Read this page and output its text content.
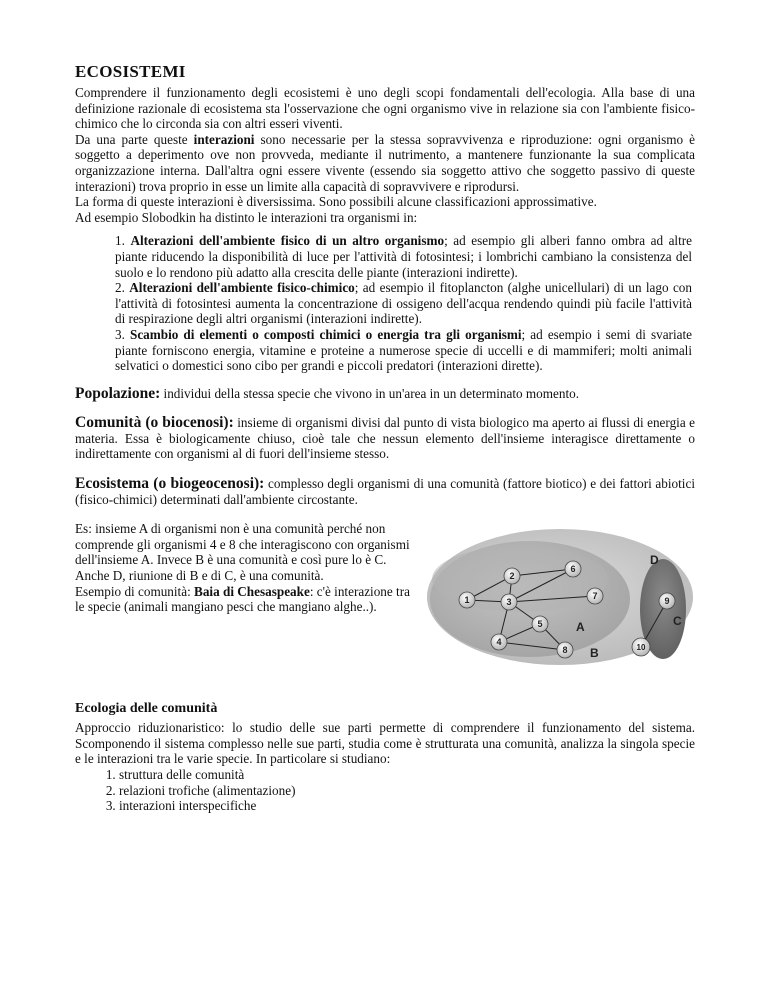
ECOSISTEMI

Comprendere il funzionamento degli ecosistemi è uno degli scopi fondamentali dell'ecologia. Alla base di una definizione razionale di ecosistema sta l'osservazione che ogni organismo vive in relazione sia con l'ambiente fisico-chimico che lo circonda sia con altri esseri viventi.

Da una parte queste interazioni sono necessarie per la stessa sopravvivenza e riproduzione: ogni organismo è soggetto a deperimento ove non provveda, mediante il nutrimento, a mantenere funzionante la sua complicata organizzazione interna. Dall'altra ogni essere vivente (essendo sia soggetto attivo che soggetto passivo di queste interazioni) trova proprio in esse un limite alla capacità di sopravvivere e riprodursi.

La forma di queste interazioni è diversissima. Sono possibili alcune classificazioni approssimative.

Ad esempio Slobodkin ha distinto le interazioni tra organismi in:

1. Alterazioni dell'ambiente fisico di un altro organismo; ad esempio gli alberi fanno ombra ad altre piante riducendo la disponibilità di luce per l'attività di fotosintesi; i lombrichi cambiano la consistenza del suolo e lo rendono più adatto alla crescita delle piante (interazioni indirette).

2. Alterazioni dell'ambiente fisico-chimico; ad esempio il fitoplancton (alghe unicellulari) di un lago con l'attività di fotosintesi aumenta la concentrazione di ossigeno dell'acqua rendendo quindi più facile l'attività di respirazione degli altri organismi (interazioni indirette).

3. Scambio di elementi o composti chimici o energia tra gli organismi; ad esempio i semi di svariate piante forniscono energia, vitamine e proteine a numerose specie di uccelli e di mammiferi; molti animali selvatici o domestici sono cibo per grandi e piccoli predatori (interazioni dirette).

Popolazione: individui della stessa specie che vivono in un'area in un determinato momento.

Comunità (o biocenosi): insieme di organismi divisi dal punto di vista biologico ma aperto ai flussi di energia e materia. Essa è biologicamente chiuso, cioè tale che nessun elemento dell'insieme interagisce direttamente o indirettamente con organismi al di fuori dell'insieme stesso.

Ecosistema (o biogeocenosi): complesso degli organismi di una comunità (fattore biotico) e dei fattori abiotici (fisico-chimici) determinati dall'ambiente circostante.

Es: insieme A di organismi non è una comunità perché non comprende gli organismi 4 e 8 che interagiscono con organismi dell'insieme A. Invece B è una comunità e così pure lo è C.

Anche D, riunione di B e di C, è una comunità.

Esempio di comunità: Baia di Chesaspeake: c'è interazione tra le specie (animali mangiano pesci che mangiano alghe..).	1
2
3
4
5
6
7
8
9
10
A
B
C
D
Ecologia delle comunità

Approccio riduzionaristico: lo studio delle sue parti permette di comprendere il funzionamento del sistema. Scomponendo il sistema complesso nelle sue parti, studia come è strutturata una comunità, analizza la singola specie e le interazioni tra le varie specie. In particolare si studiano:

1. struttura delle comunità
2. relazioni trofiche (alimentazione)
3. interazioni interspecifiche
